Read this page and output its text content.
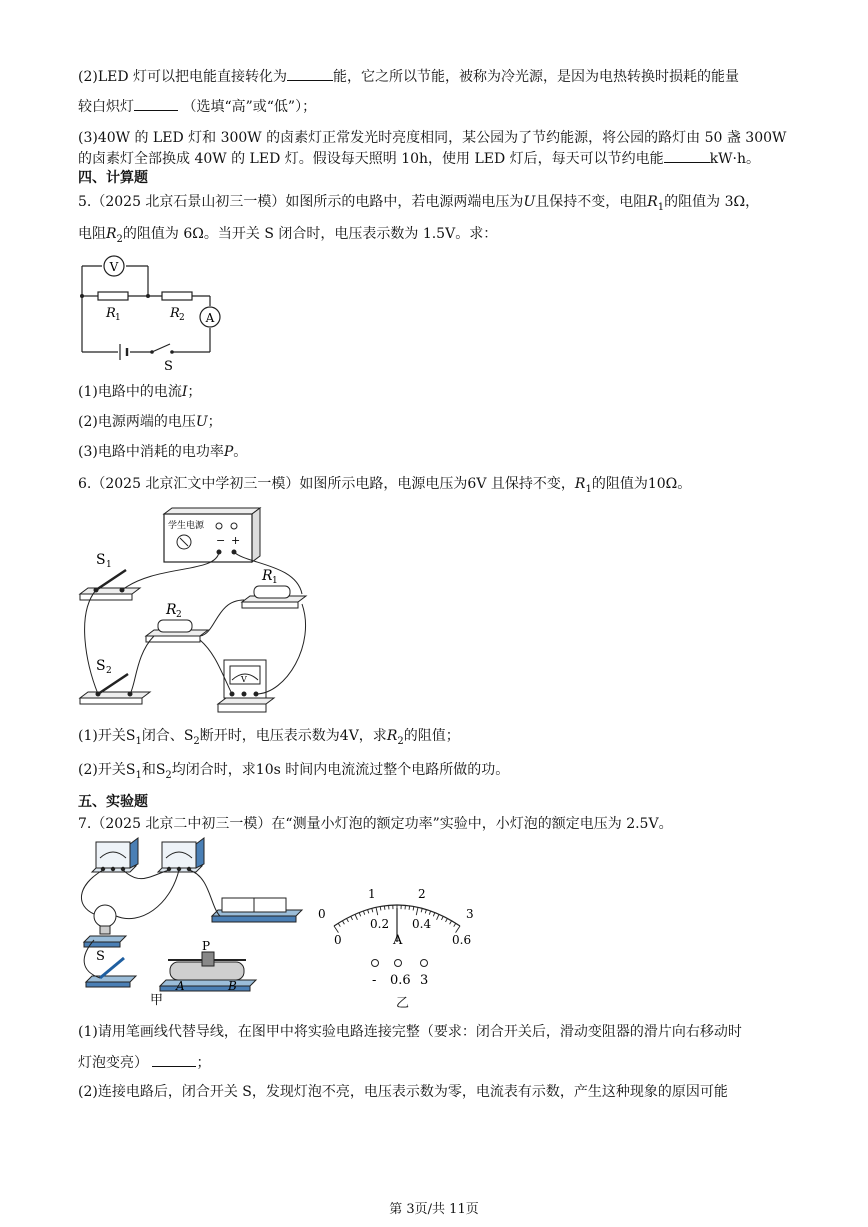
(2)LED 灯可以把电能直接转化为	能，它之所以节能，被称为冷光源，是因为电热转换时损耗的能量
较白炽灯	（选填“高”或“低”）；
(3)40W 的 LED 灯和 300W 的卤素灯正常发光时亮度相同，某公园为了节约能源，将公园的路灯由 50 盏 300W
的卤素灯全部换成 40W 的 LED 灯。假设每天照明 10h，使用 LED 灯后，每天可以节约电能	kW·h。
四、计算题
5.（2025 北京石景山初三一模）如图所示的电路中，若电源两端电压为U且保持不变，电阻$R_1$的阻值为 3Ω，
电阻$R_2$的阻值为 6Ω。当开关 S 闭合时，电压表示数为 1.5V。求：
V
A
R 1	R 2
S
(1)电路中的电流I；
(2)电源两端的电压U；
(3)电路中消耗的电功率P。
6.（2025 北京汇文中学初三一模）如图所示电路，电源电压为6V 且保持不变，$R_1$的阻值为10Ω。
学生电源
− +
S 1
R 1
R 2
S 2
V
(1)开关$S_1$闭合、$S_2$断开时，电压表示数为4V，求$R_2$的阻值；
(2)开关$S_1$和$S_2$均闭合时，求10s 时间内电流流过整个电路所做的功。
五、实验题
7.（2025 北京二中初三一模）在“测量小灯泡的额定功率”实验中，小灯泡的额定电压为 2.5V。
S
P
A	B
甲
0
1	2
3
0
0.2 0.4
0.6
A
- 0.6 3
乙
(1)请用笔画线代替导线，在图甲中将实验电路连接完整（要求：闭合开关后，滑动变阻器的滑片向右移动时
灯泡变亮）	；
(2)连接电路后，闭合开关 S，发现灯泡不亮，电压表示数为零，电流表有示数，产生这种现象的原因可能
第 3页/共 11页
